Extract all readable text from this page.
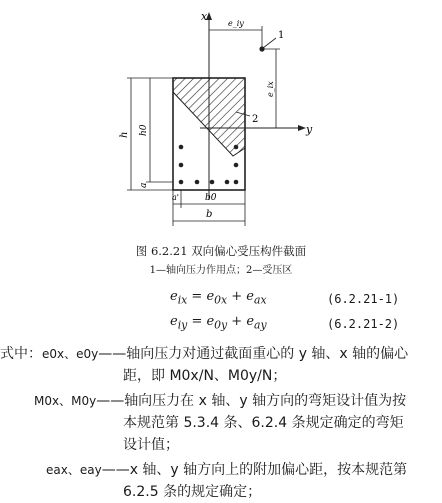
x
y
e_iy
e_ix
1
2
h h0
a
a'	b0
b
图 6.2.21 双向偏心受压构件截面
1—轴向压力作用点；2—受压区
$e_{ix} = e_{0x} + e_{ax}$	(6.2.21-1)
$e_{iy} = e_{0y} + e_{ay}$	(6.2.21-2)
式中：e0x、e0y——轴向压力对通过截面重心的 y 轴、x 轴的偏心
距，即 M0x/N、M0y/N；
M0x、M0y——轴向压力在 x 轴、y 轴方向的弯矩设计值为按
本规范第 5.3.4 条、6.2.4 条规定确定的弯矩
设计值；
eax、eay——x 轴、y 轴方向上的附加偏心距，按本规范第
6.2.5 条的规定确定；
